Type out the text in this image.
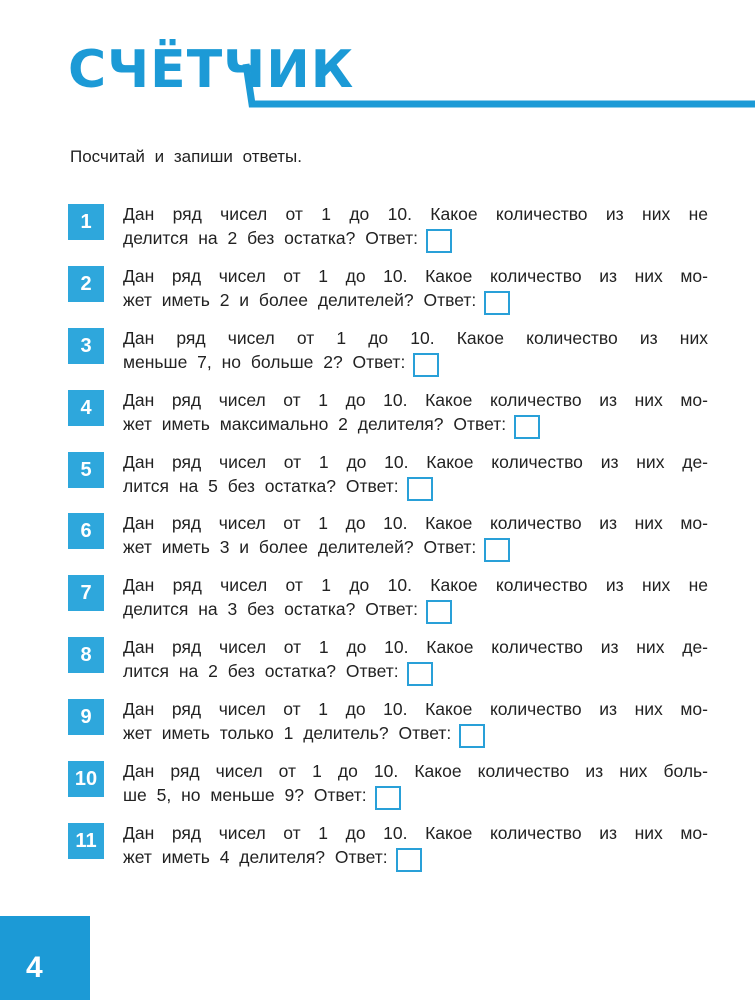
СЧЁТЧИК
Посчитай и запиши ответы.
1	Дан ряд чисел от 1 до 10. Какое количество из них не
делится на 2 без остатка? Ответ:
2	Дан ряд чисел от 1 до 10. Какое количество из них мо-
жет иметь 2 и более делителей? Ответ:
3	Дан ряд чисел от 1 до 10. Какое количество из них
меньше 7, но больше 2? Ответ:
4	Дан ряд чисел от 1 до 10. Какое количество из них мо-
жет иметь максимально 2 делителя? Ответ:
5	Дан ряд чисел от 1 до 10. Какое количество из них де-
лится на 5 без остатка? Ответ:
6	Дан ряд чисел от 1 до 10. Какое количество из них мо-
жет иметь 3 и более делителей? Ответ:
7	Дан ряд чисел от 1 до 10. Какое количество из них не
делится на 3 без остатка? Ответ:
8	Дан ряд чисел от 1 до 10. Какое количество из них де-
лится на 2 без остатка? Ответ:
9	Дан ряд чисел от 1 до 10. Какое количество из них мо-
жет иметь только 1 делитель? Ответ:
10	Дан ряд чисел от 1 до 10. Какое количество из них боль-
ше 5, но меньше 9? Ответ:
11	Дан ряд чисел от 1 до 10. Какое количество из них мо-
жет иметь 4 делителя? Ответ:
4
